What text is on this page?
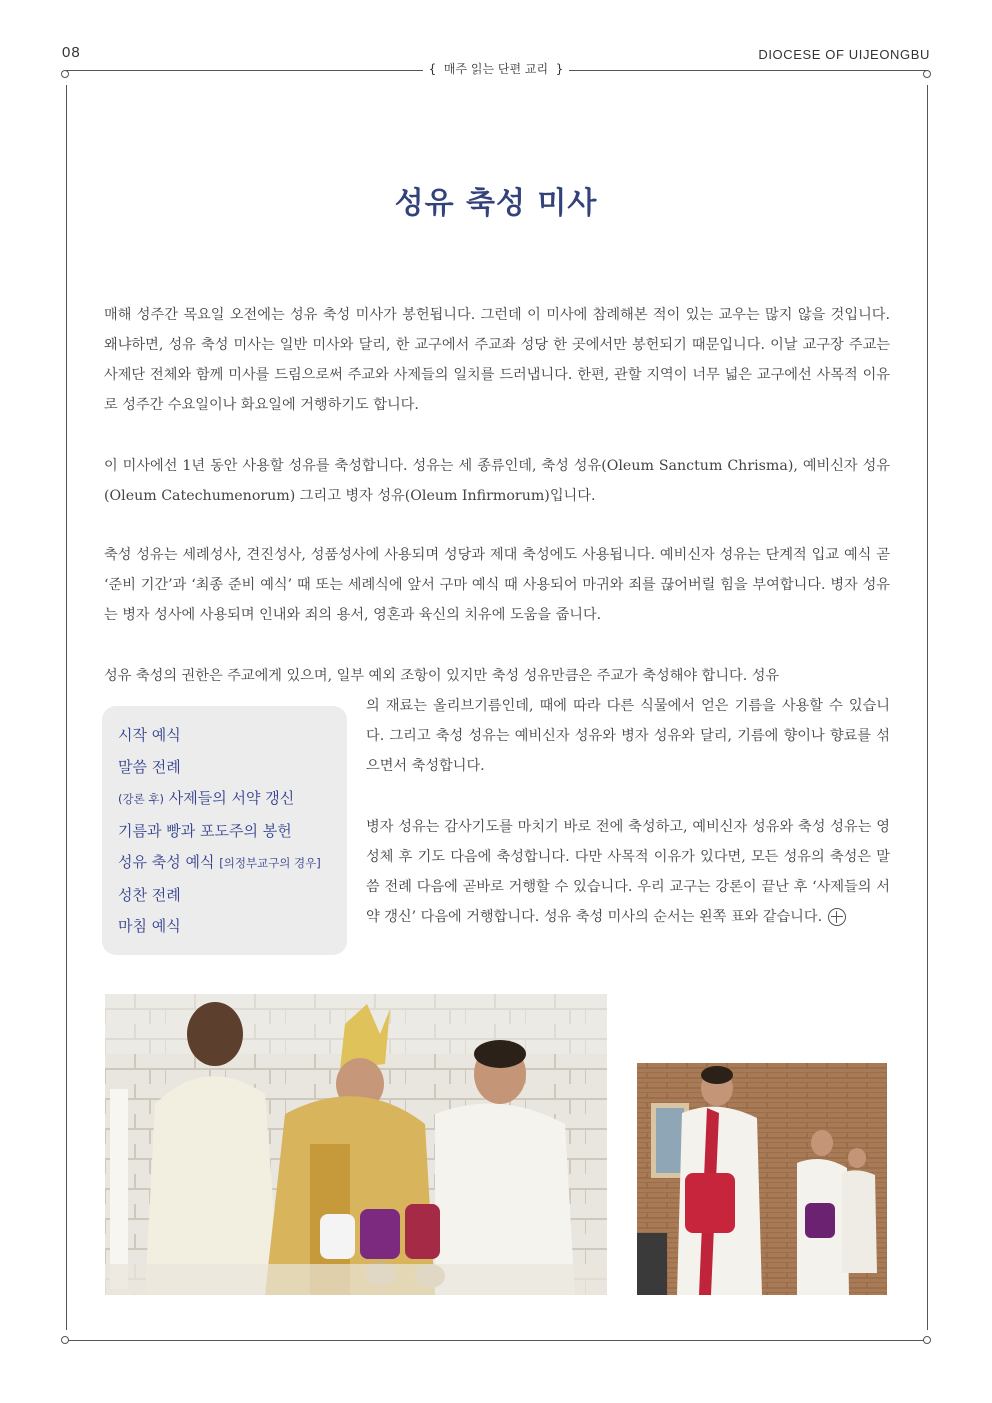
08	DIOCESE OF UIJEONGBU
{  매주 읽는 단편 교리  }
성유 축성 미사
매해 성주간 목요일 오전에는 성유 축성 미사가 봉헌됩니다. 그런데 이 미사에 참례해본 적이 있는 교우는 많지 않을 것입니다. 왜냐하면, 성유 축성 미사는 일반 미사와 달리, 한 교구에서 주교좌 성당 한 곳에서만 봉헌되기 때문입니다. 이날 교구장 주교는 사제단 전체와 함께 미사를 드림으로써 주교와 사제들의 일치를 드러냅니다. 한편, 관할 지역이 너무 넓은 교구에선 사목적 이유로 성주간 수요일이나 화요일에 거행하기도 합니다.
이 미사에선 1년 동안 사용할 성유를 축성합니다. 성유는 세 종류인데, 축성 성유(Oleum Sanctum Chrisma), 예비신자 성유(Oleum Catechumenorum) 그리고 병자 성유(Oleum Infirmorum)입니다.
축성 성유는 세례성사, 견진성사, 성품성사에 사용되며 성당과 제대 축성에도 사용됩니다. 예비신자 성유는 단계적 입교 예식 곧 ‘준비 기간’과 ‘최종 준비 예식’ 때 또는 세례식에 앞서 구마 예식 때 사용되어 마귀와 죄를 끊어버릴 힘을 부여합니다. 병자 성유는 병자 성사에 사용되며 인내와 죄의 용서, 영혼과 육신의 치유에 도움을 줍니다.
성유 축성의 권한은 주교에게 있으며, 일부 예외 조항이 있지만 축성 성유만큼은 주교가 축성해야 합니다. 성유
의 재료는 올리브기름인데, 때에 따라 다른 식물에서 얻은 기름을 사용할 수 있습니다. 그리고 축성 성유는 예비신자 성유와 병자 성유와 달리, 기름에 향이나 향료를 섞으면서 축성합니다.
병자 성유는 감사기도를 마치기 바로 전에 축성하고, 예비신자 성유와 축성 성유는 영성체 후 기도 다음에 축성합니다. 다만 사목적 이유가 있다면, 모든 성유의 축성은 말씀 전례 다음에 곧바로 거행할 수 있습니다. 우리 교구는 강론이 끝난 후 ‘사제들의 서약 갱신’ 다음에 거행합니다. 성유 축성 미사의 순서는 왼쪽 표와 같습니다.
시작 예식
말씀 전례
(강론 후) 사제들의 서약 갱신
기름과 빵과 포도주의 봉헌
성유 축성 예식 [의정부교구의 경우]
성찬 전례
마침 예식
